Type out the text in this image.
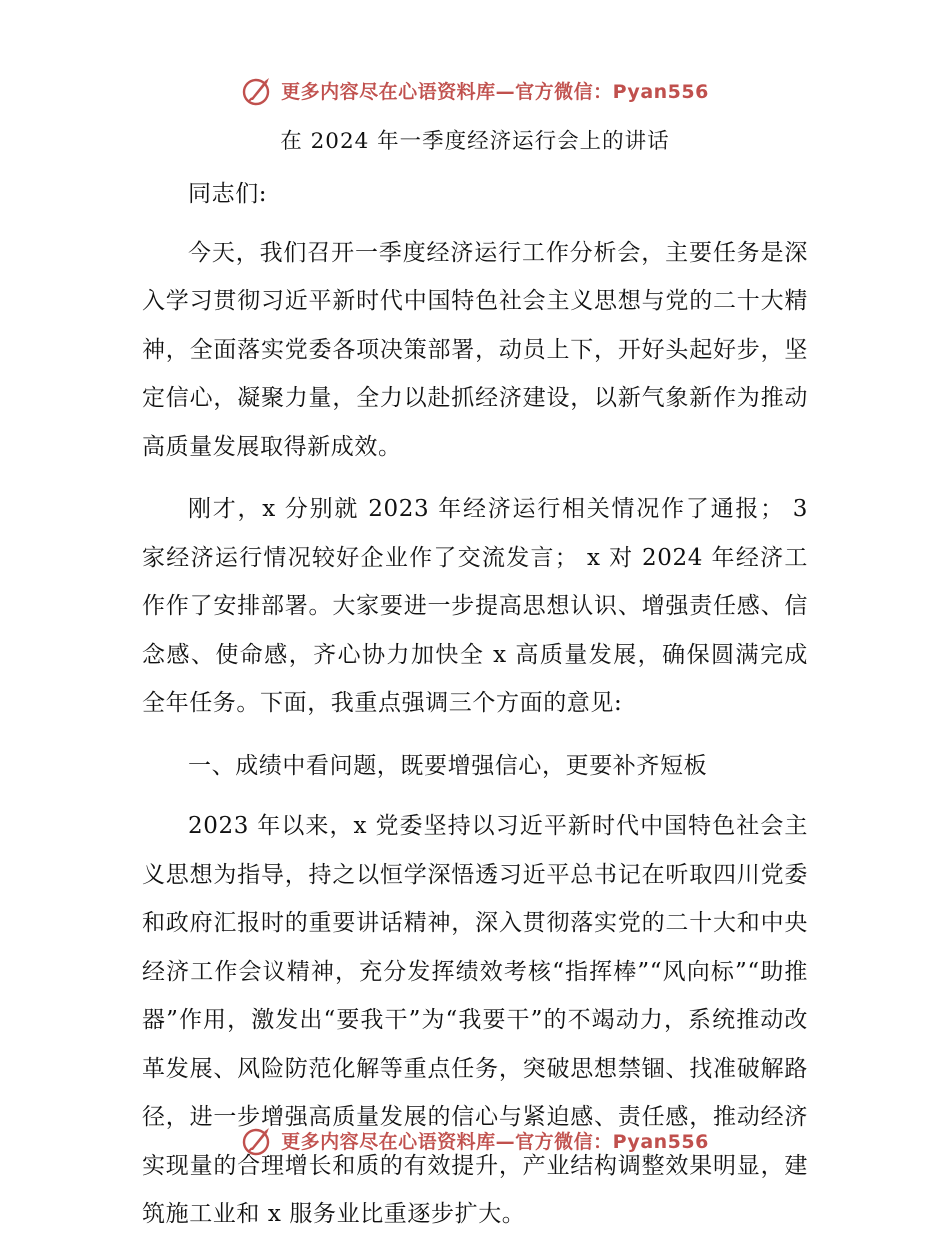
更多内容尽在心语资料库—官方微信：Pyan556
在 2024 年一季度经济运行会上的讲话

同志们:

今天，我们召开一季度经济运行工作分析会，主要任务是深入学习贯彻习近平新时代中国特色社会主义思想与党的二十大精神，全面落实党委各项决策部署，动员上下，开好头起好步，坚定信心，凝聚力量，全力以赴抓经济建设，以新气象新作为推动高质量发展取得新成效。

刚才，x 分别就 2023 年经济运行相关情况作了通报； 3 家经济运行情况较好企业作了交流发言； x 对 2024 年经济工作作了安排部署。大家要进一步提高思想认识、增强责任感、信念感、使命感，齐心协力加快全 x 高质量发展，确保圆满完成全年任务。下面，我重点强调三个方面的意见:

一、成绩中看问题，既要增强信心，更要补齐短板

2023 年以来，x 党委坚持以习近平新时代中国特色社会主义思想为指导，持之以恒学深悟透习近平总书记在听取四川党委和政府汇报时的重要讲话精神，深入贯彻落实党的二十大和中央经济工作会议精神，充分发挥绩效考核“指挥棒”“风向标”“助推器”作用，激发出“要我干”为“我要干”的不竭动力，系统推动改革发展、风险防范化解等重点任务，突破思想禁锢、找准破解路径，进一步增强高质量发展的信心与紧迫感、责任感，推动经济实现量的合理增长和质的有效提升，产业结构调整效果明显，建筑施工业和 x 服务业比重逐步扩大。

更多内容尽在心语资料库—官方微信：Pyan556
